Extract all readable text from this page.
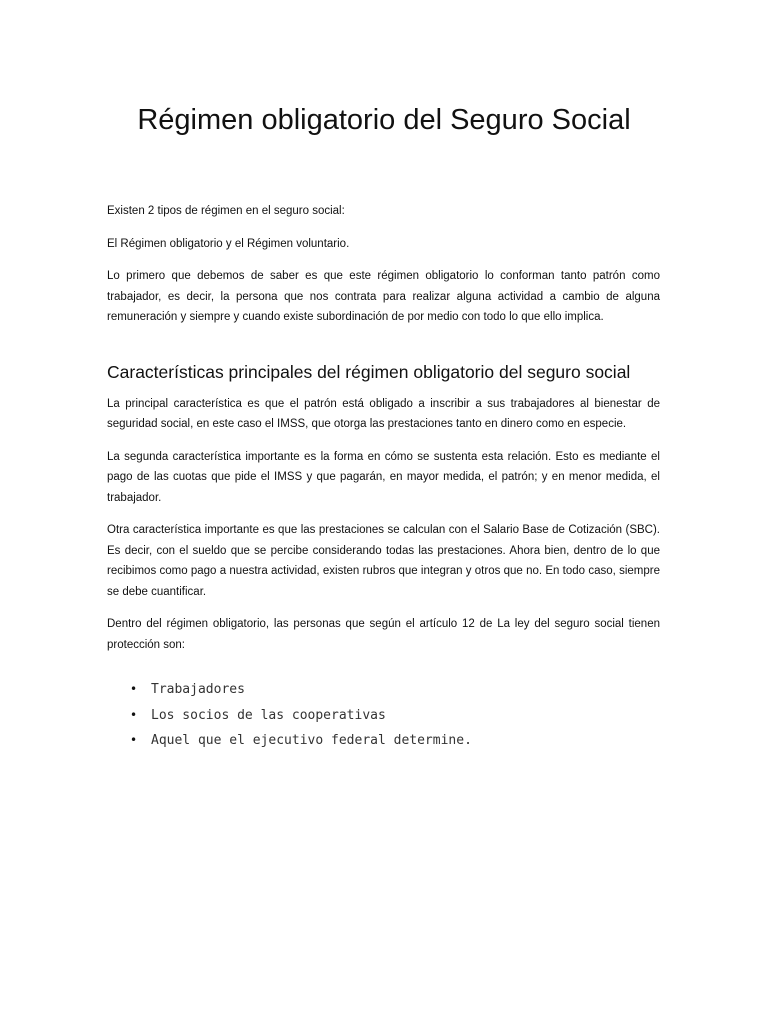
Régimen obligatorio del Seguro Social

Existen 2 tipos de régimen en el seguro social:

El Régimen obligatorio y el Régimen voluntario.

Lo primero que debemos de saber es que este régimen obligatorio lo conforman tanto patrón como trabajador, es decir, la persona que nos contrata para realizar alguna actividad a cambio de alguna remuneración y siempre y cuando existe subordinación de por medio con todo lo que ello implica.

Características principales del régimen obligatorio del seguro social

La principal característica es que el patrón está obligado a inscribir a sus trabajadores al bienestar de seguridad social, en este caso el IMSS, que otorga las prestaciones tanto en dinero como en especie.

La segunda característica importante es la forma en cómo se sustenta esta relación. Esto es mediante el pago de las cuotas que pide el IMSS y que pagarán, en mayor medida, el patrón; y en menor medida, el trabajador.

Otra característica importante es que las prestaciones se calculan con el Salario Base de Cotización (SBC). Es decir, con el sueldo que se percibe considerando todas las prestaciones. Ahora bien, dentro de lo que recibimos como pago a nuestra actividad, existen rubros que integran y otros que no. En todo caso, siempre se debe cuantificar.

Dentro del régimen obligatorio, las personas que según el artículo 12 de La ley del seguro social tienen protección son:

• Trabajadores
• Los socios de las cooperativas
• Aquel que el ejecutivo federal determine.
